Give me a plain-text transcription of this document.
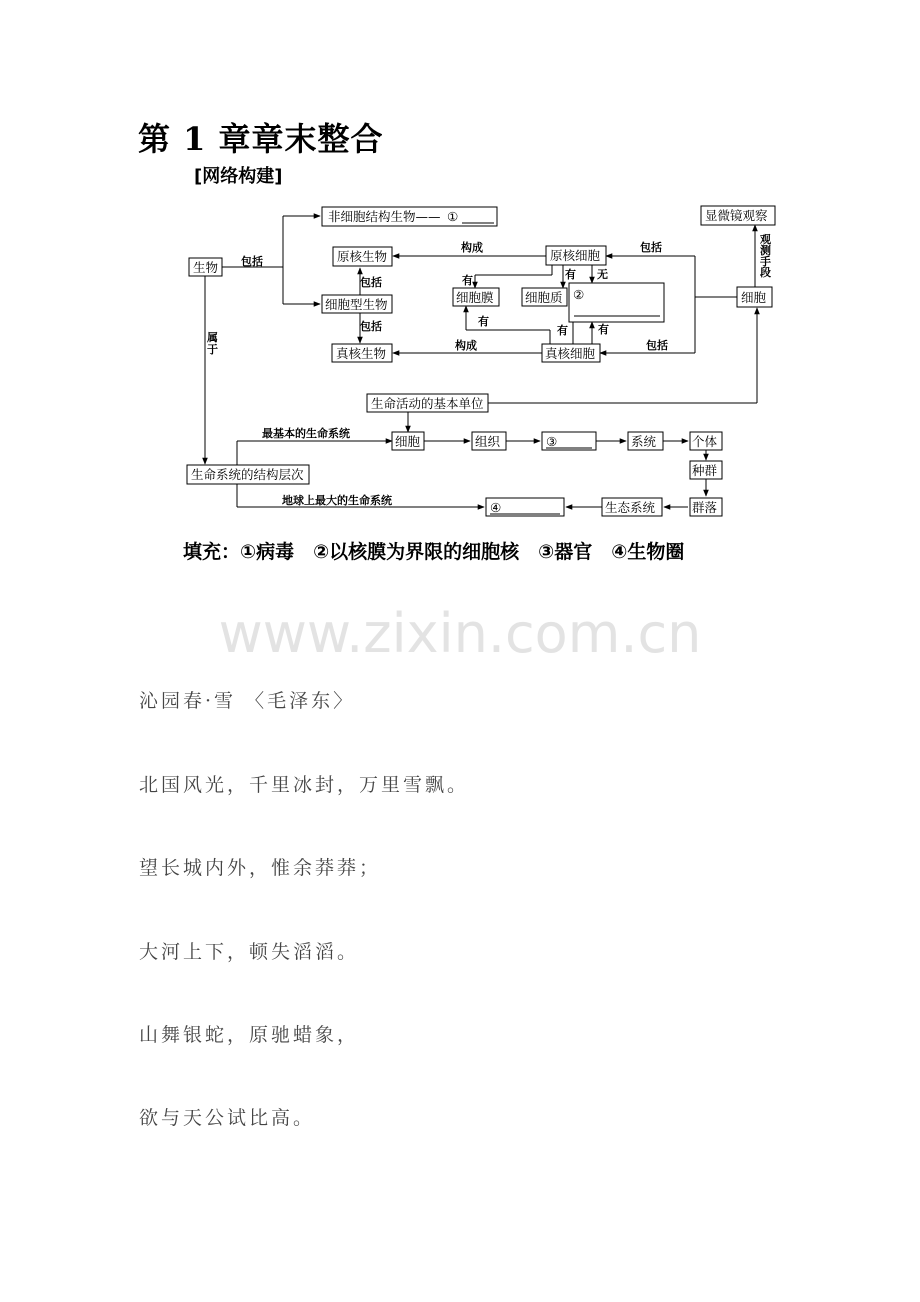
第 1 章章末整合
[网络构建]
生物
非细胞结构生物—— ①
原核生物
细胞型生物
真核生物
原核细胞
细胞膜	细胞质 ②
真核细胞
显微镜观察
细胞
生命活动的基本单位
细胞	组织	③	系统	个体
种群
群落
生态系统
④
生命系统的结构层次
包括
包括
包括
构成
构成
有	有 无
有
有	有
包括
包括
最基本的生命系统
地球上最大的生命系统
属于
观测手段
填充：①病毒　②以核膜为界限的细胞核　③器官　④生物圈
www.zixin.com.cn
沁园春·雪 〈毛泽东〉
北国风光，千里冰封，万里雪飘。
望长城内外，惟余莽莽；
大河上下，顿失滔滔。
山舞银蛇，原驰蜡象，
欲与天公试比高。
